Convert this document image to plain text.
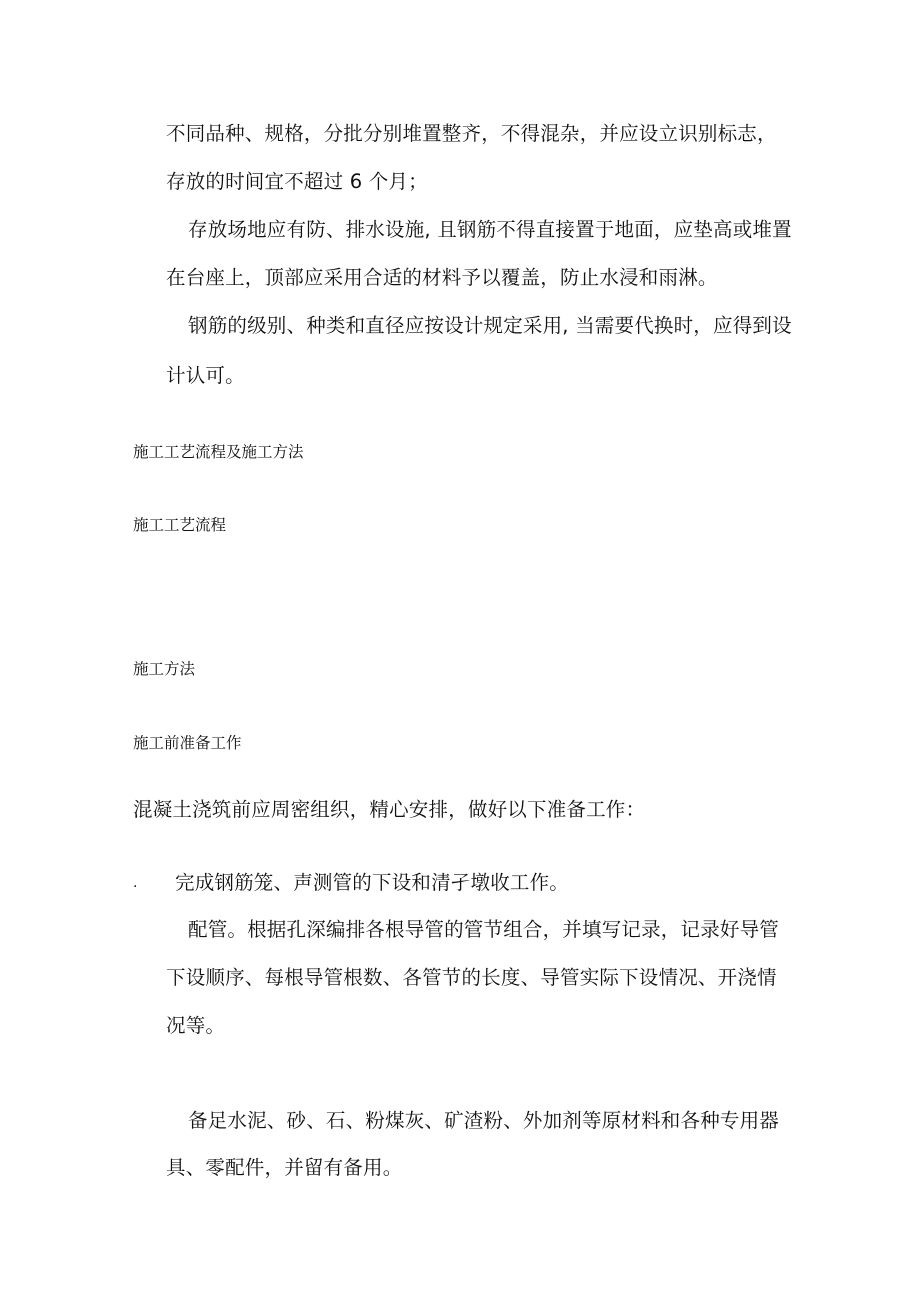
不同品种、规格，分批分别堆置整齐，不得混杂，并应设立识别标志，
存放的时间宜不超过 6 个月；
存放场地应有防、排水设施, 且钢筋不得直接置于地面，应垫高或堆置
在台座上，顶部应采用合适的材料予以覆盖，防止水浸和雨淋。
钢筋的级别、种类和直径应按设计规定采用, 当需要代换时，应得到设
计认可。
施工工艺流程及施工方法
施工工艺流程
施工方法
施工前准备工作
混凝土浇筑前应周密组织，精心安排，做好以下准备工作：
. 完成钢筋笼、声测管的下设和清孑墩收工作。
配管。根据孔深编排各根导管的管节组合，并填写记录，记录好导管
下设顺序、每根导管根数、各管节的长度、导管实际下设情况、开浇情
况等。
备足水泥、砂、石、粉煤灰、矿渣粉、外加剂等原材料和各种专用器
具、零配件，并留有备用。
